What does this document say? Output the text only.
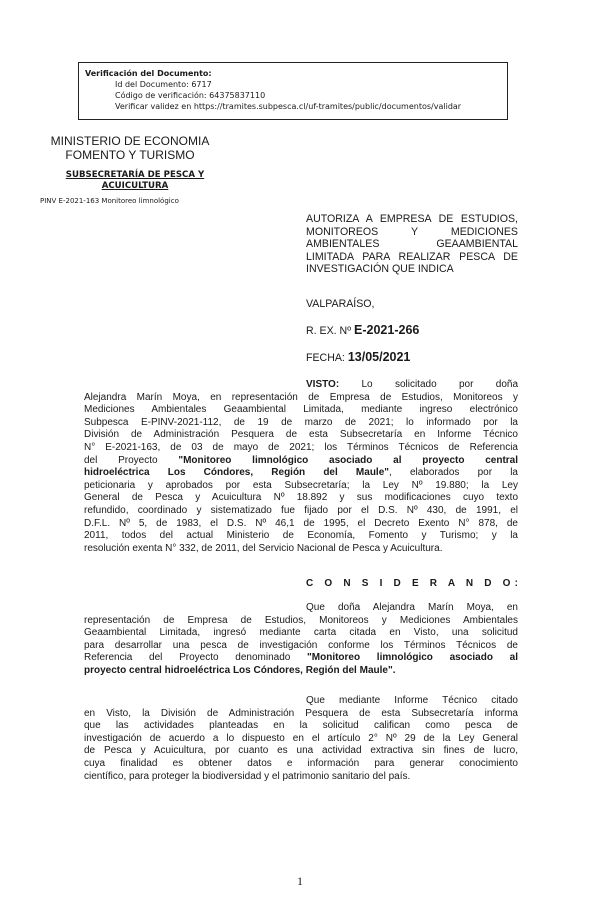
Verificación del Documento:
• Id del Documento: 6717
• Código de verificación: 64375837110
• Verificar validez en https://tramites.subpesca.cl/uf-tramites/public/documentos/validar
MINISTERIO DE ECONOMIA
FOMENTO Y TURISMO
SUBSECRETARÍA DE PESCA Y
ACUICULTURA
PINV E-2021-163 Monitoreo limnológico
AUTORIZA A EMPRESA DE ESTUDIOS,
MONITOREOS Y MEDICIONES
AMBIENTALES GEAAMBIENTAL
LIMITADA PARA REALIZAR PESCA DE
INVESTIGACIÓN QUE INDICA
VALPARAÍSO,
R. EX. Nº E-2021-266
FECHA: 13/05/2021
VISTO: Lo solicitado por doña
Alejandra Marín Moya, en representación de Empresa de Estudios, Monitoreos y
Mediciones Ambientales Geaambiental Limitada, mediante ingreso electrónico
Subpesca E-PINV-2021-112, de 19 de marzo de 2021; lo informado por la
División de Administración Pesquera de esta Subsecretaría en Informe Técnico
N° E-2021-163, de 03 de mayo de 2021; los Términos Técnicos de Referencia
del Proyecto "Monitoreo limnológico asociado al proyecto central
hidroeléctrica Los Cóndores, Región del Maule", elaborados por la
peticionaria y aprobados por esta Subsecretaría; la Ley Nº 19.880; la Ley
General de Pesca y Acuicultura Nº 18.892 y sus modificaciones cuyo texto
refundido, coordinado y sistematizado fue fijado por el D.S. Nº 430, de 1991, el
D.F.L. Nº 5, de 1983, el D.S. Nº 46,1 de 1995, el Decreto Exento N° 878, de
2011, todos del actual Ministerio de Economía, Fomento y Turismo; y la
resolución exenta N° 332, de 2011, del Servicio Nacional de Pesca y Acuicultura.
C O N S I D E R A N D O:
Que doña Alejandra Marín Moya, en
representación de Empresa de Estudios, Monitoreos y Mediciones Ambientales
Geaambiental Limitada, ingresó mediante carta citada en Visto, una solicitud
para desarrollar una pesca de investigación conforme los Términos Técnicos de
Referencia del Proyecto denominado "Monitoreo limnológico asociado al
proyecto central hidroeléctrica Los Cóndores, Región del Maule".
Que mediante Informe Técnico citado
en Visto, la División de Administración Pesquera de esta Subsecretaría informa
que las actividades planteadas en la solicitud califican como pesca de
investigación de acuerdo a lo dispuesto en el artículo 2° Nº 29 de la Ley General
de Pesca y Acuicultura, por cuanto es una actividad extractiva sin fines de lucro,
cuya finalidad es obtener datos e información para generar conocimiento
científico, para proteger la biodiversidad y el patrimonio sanitario del país.
1
